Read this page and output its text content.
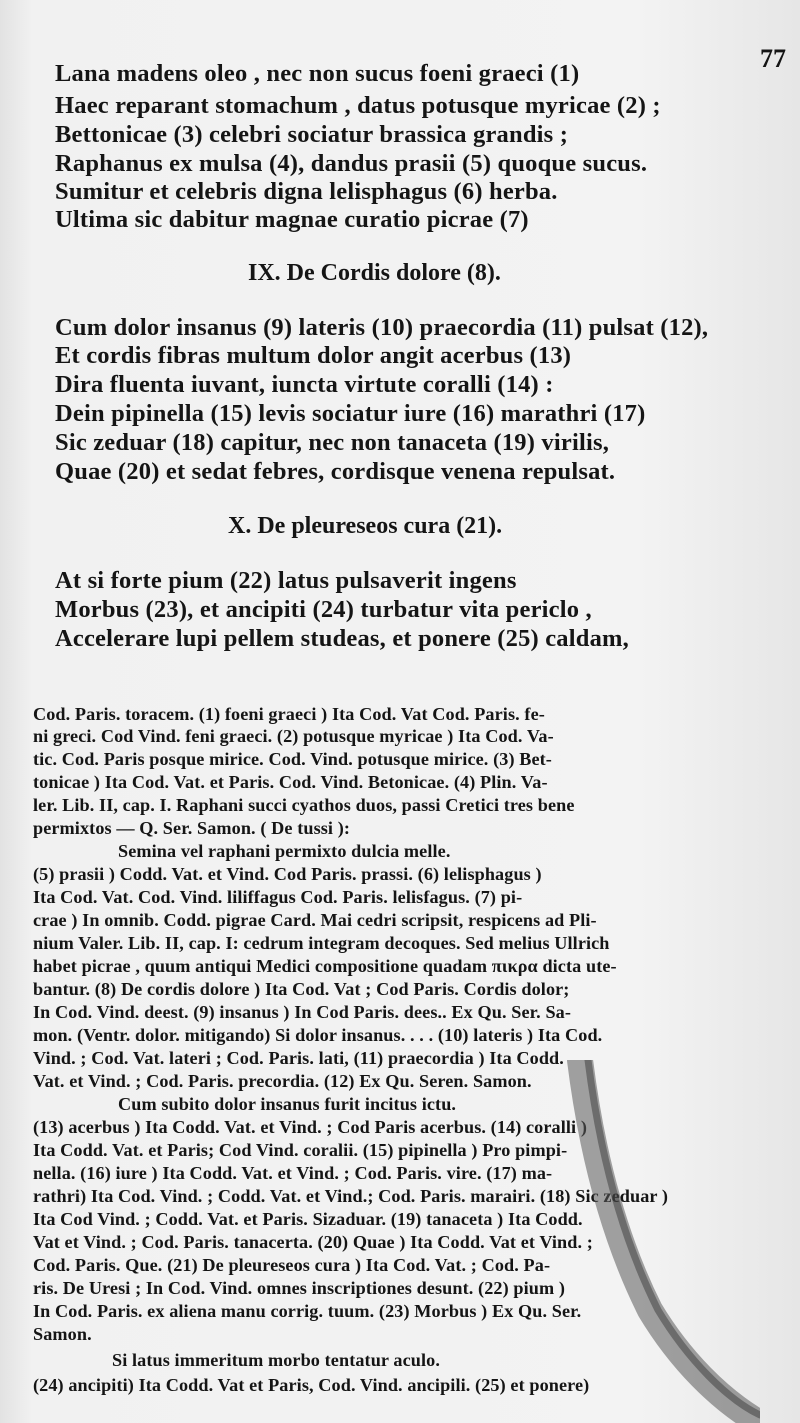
77
Lana madens oleo , nec non sucus foeni graeci (1)
Haec reparant stomachum , datus potusque myricae (2) ;
Bettonicae (3) celebri sociatur brassica grandis ;
Raphanus ex mulsa (4), dandus prasii (5) quoque sucus.
Sumitur et celebris digna lelisphagus (6) herba.
Ultima sic dabitur magnae curatio picrae (7)
IX. De Cordis dolore (8).
Cum dolor insanus (9) lateris (10) praecordia (11) pulsat (12),
Et cordis fibras multum dolor angit acerbus (13)
Dira fluenta iuvant, iuncta virtute coralli (14) :
Dein pipinella (15) levis sociatur iure (16) marathri (17)
Sic zeduar (18) capitur, nec non tanaceta (19) virilis,
Quae (20) et sedat febres, cordisque venena repulsat.
X. De pleureseos cura (21).
At si forte pium (22) latus pulsaverit ingens
Morbus (23), et ancipiti (24) turbatur vita periclo ,
Accelerare lupi pellem studeas, et ponere (25) caldam,
Cod. Paris. toracem. (1) foeni graeci ) Ita Cod. Vat Cod. Paris. fe-
ni greci. Cod Vind. feni graeci. (2) potusque myricae ) Ita Cod. Va-
tic. Cod. Paris posque mirice. Cod. Vind. potusque mirice. (3) Bet-
tonicae ) Ita Cod. Vat. et Paris. Cod. Vind. Betonicae. (4) Plin. Va-
ler. Lib. II, cap. I. Raphani succi cyathos duos, passi Cretici tres bene
permixtos — Q. Ser. Samon. ( De tussi ):
Semina vel raphani permixto dulcia melle.
(5) prasii ) Codd. Vat. et Vind. Cod Paris. prassi. (6) lelisphagus )
Ita Cod. Vat. Cod. Vind. liliffagus Cod. Paris. lelisfagus. (7) pi-
crae ) In omnib. Codd. pigrae Card. Mai cedri scripsit, respicens ad Pli-
nium Valer. Lib. II, cap. I: cedrum integram decoques. Sed melius Ullrich
habet picrae , quum antiqui Medici compositione quadam πικρα dicta ute-
bantur. (8) De cordis dolore ) Ita Cod. Vat ; Cod Paris. Cordis dolor;
In Cod. Vind. deest. (9) insanus ) In Cod Paris. dees.. Ex Qu. Ser. Sa-
mon. (Ventr. dolor. mitigando) Si dolor insanus. . . . (10) lateris ) Ita Cod.
Vind. ; Cod. Vat. lateri ; Cod. Paris. lati, (11) praecordia ) Ita Codd.
Vat. et Vind. ; Cod. Paris. precordia. (12) Ex Qu. Seren. Samon.
Cum subito dolor insanus furit incitus ictu.
(13) acerbus ) Ita Codd. Vat. et Vind. ; Cod Paris acerbus. (14) coralli )
Ita Codd. Vat. et Paris; Cod Vind. coralii. (15) pipinella ) Pro pimpi-
nella. (16) iure ) Ita Codd. Vat. et Vind. ; Cod. Paris. vire. (17) ma-
rathri) Ita Cod. Vind. ; Codd. Vat. et Vind.; Cod. Paris. marairi. (18) Sic zeduar )
Ita Cod Vind. ; Codd. Vat. et Paris. Sizaduar. (19) tanaceta ) Ita Codd.
Vat et Vind. ; Cod. Paris. tanacerta. (20) Quae ) Ita Codd. Vat et Vind. ;
Cod. Paris. Que. (21) De pleureseos cura ) Ita Cod. Vat. ; Cod. Pa-
ris. De Uresi ; In Cod. Vind. omnes inscriptiones desunt. (22) pium )
In Cod. Paris. ex aliena manu corrig. tuum. (23) Morbus ) Ex Qu. Ser.
Samon.
Si latus immeritum morbo tentatur aculo.
(24) ancipiti) Ita Codd. Vat et Paris, Cod. Vind. ancipili. (25) et ponere)
